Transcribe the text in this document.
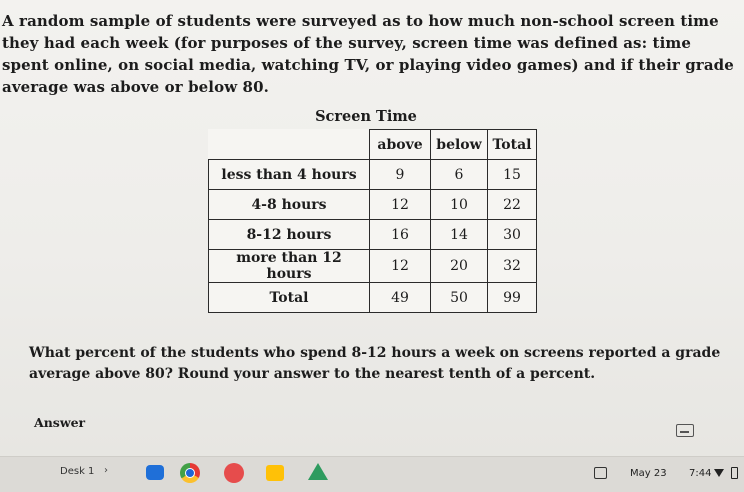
A random sample of students were surveyed as to how much non-school screen time they had each week (for purposes of the survey, screen time was defined as: time spent online, on social media, watching TV, or playing video games) and if their grade average was above or below 80.
Screen Time
	above	below	Total
less than 4 hours	9	6	15
4-8 hours	12	10	22
8-12 hours	16	14	30
more than 12 hours	12	20	32
Total	49	50	99
What percent of the students who spend 8-12 hours a week on screens reported a grade average above 80? Round your answer to the nearest tenth of a percent.
Answer
Desk 1 ›	May 23 7:44
